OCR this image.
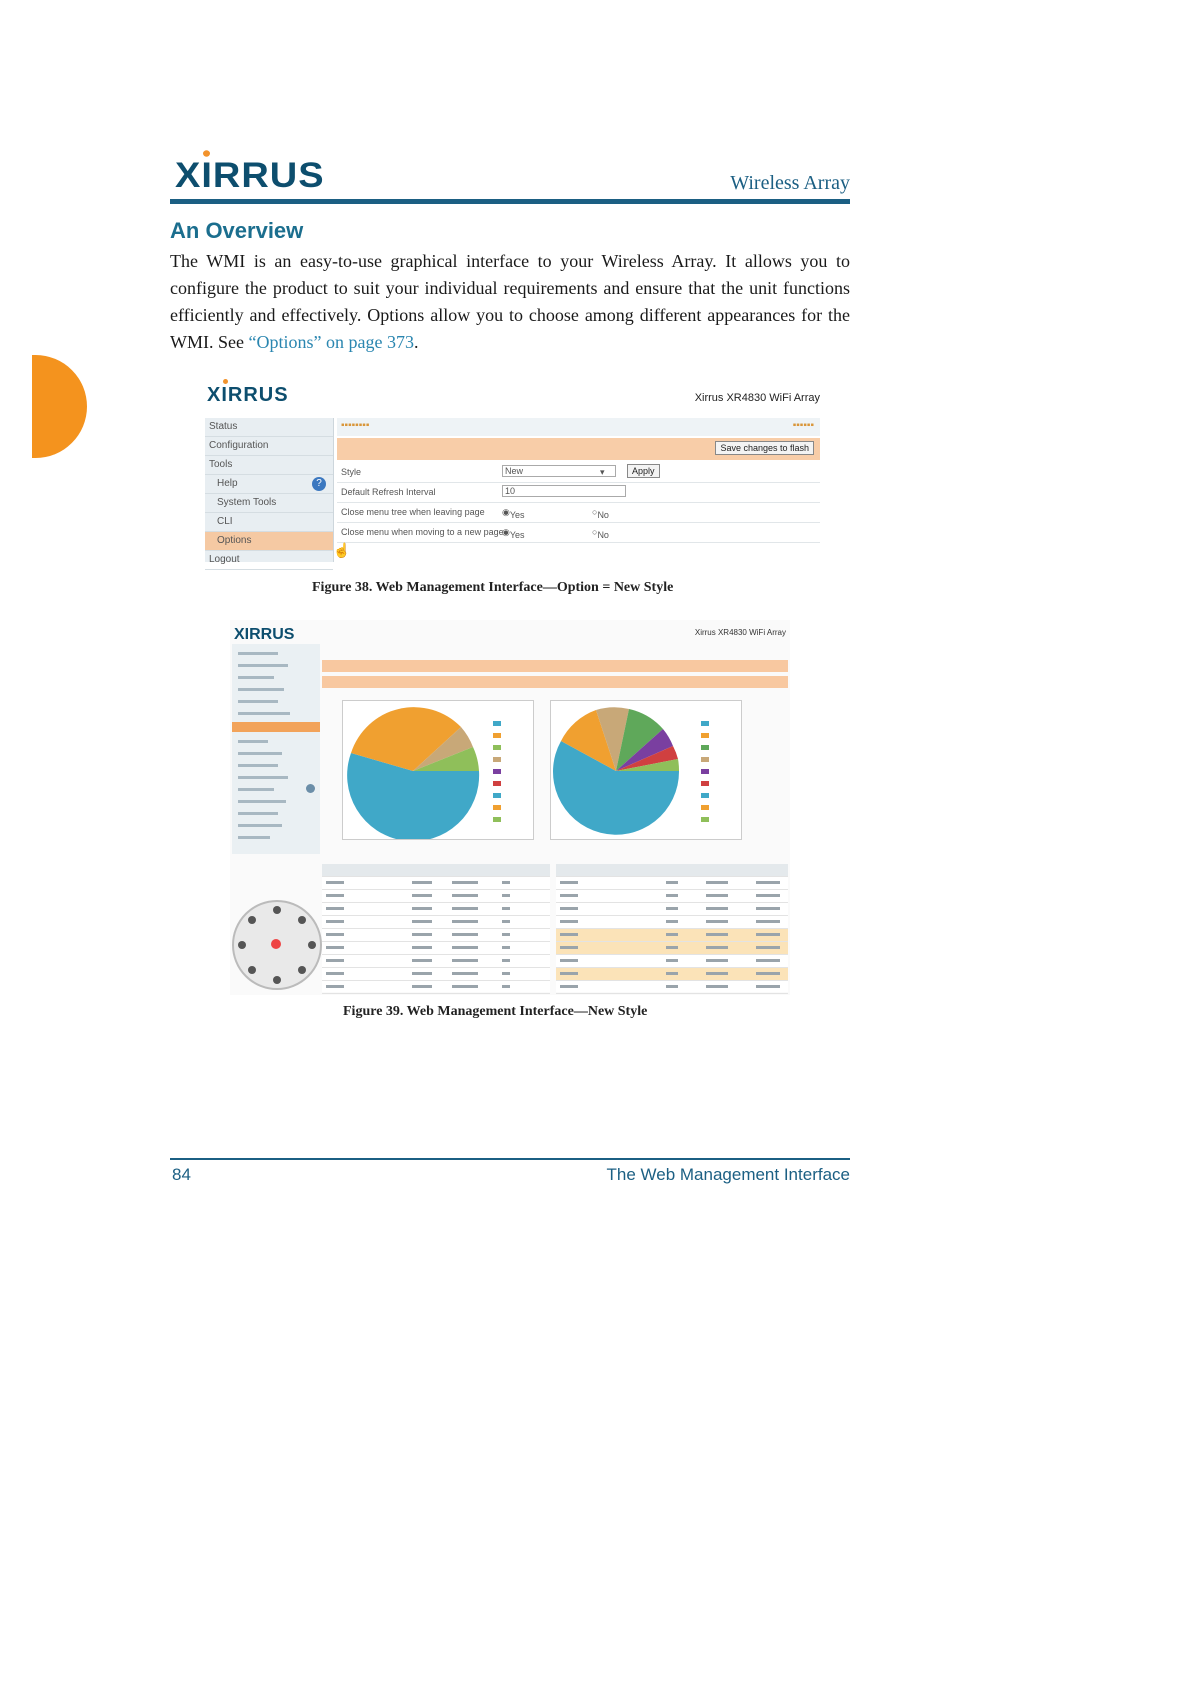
XIRRUS	Wireless Array
An Overview
The WMI is an easy-to-use graphical interface to your Wireless Array. It allows you to configure the product to suit your individual requirements and ensure that the unit functions efficiently and effectively. Options allow you to choose among different appearances for the WMI. See “Options” on page 373.
XIRRUS	Xirrus XR4830 WiFi Array
Status
Configuration
Tools
Help
System Tools
CLI
Options
Logout
?
▪▪▪▪▪▪▪▪	▪▪▪▪▪▪
Save changes to flash
Style	New	▾	Apply
Default Refresh Interval	10
Close menu tree when leaving page ◉ Yes	○ No
Close menu when moving to a new page
◉ Yes	○ No
☝
Figure 38. Web Management Interface—Option = New Style
XIRRUS	Xirrus XR4830 WiFi Array
Figure 39. Web Management Interface—New Style
84	The Web Management Interface
